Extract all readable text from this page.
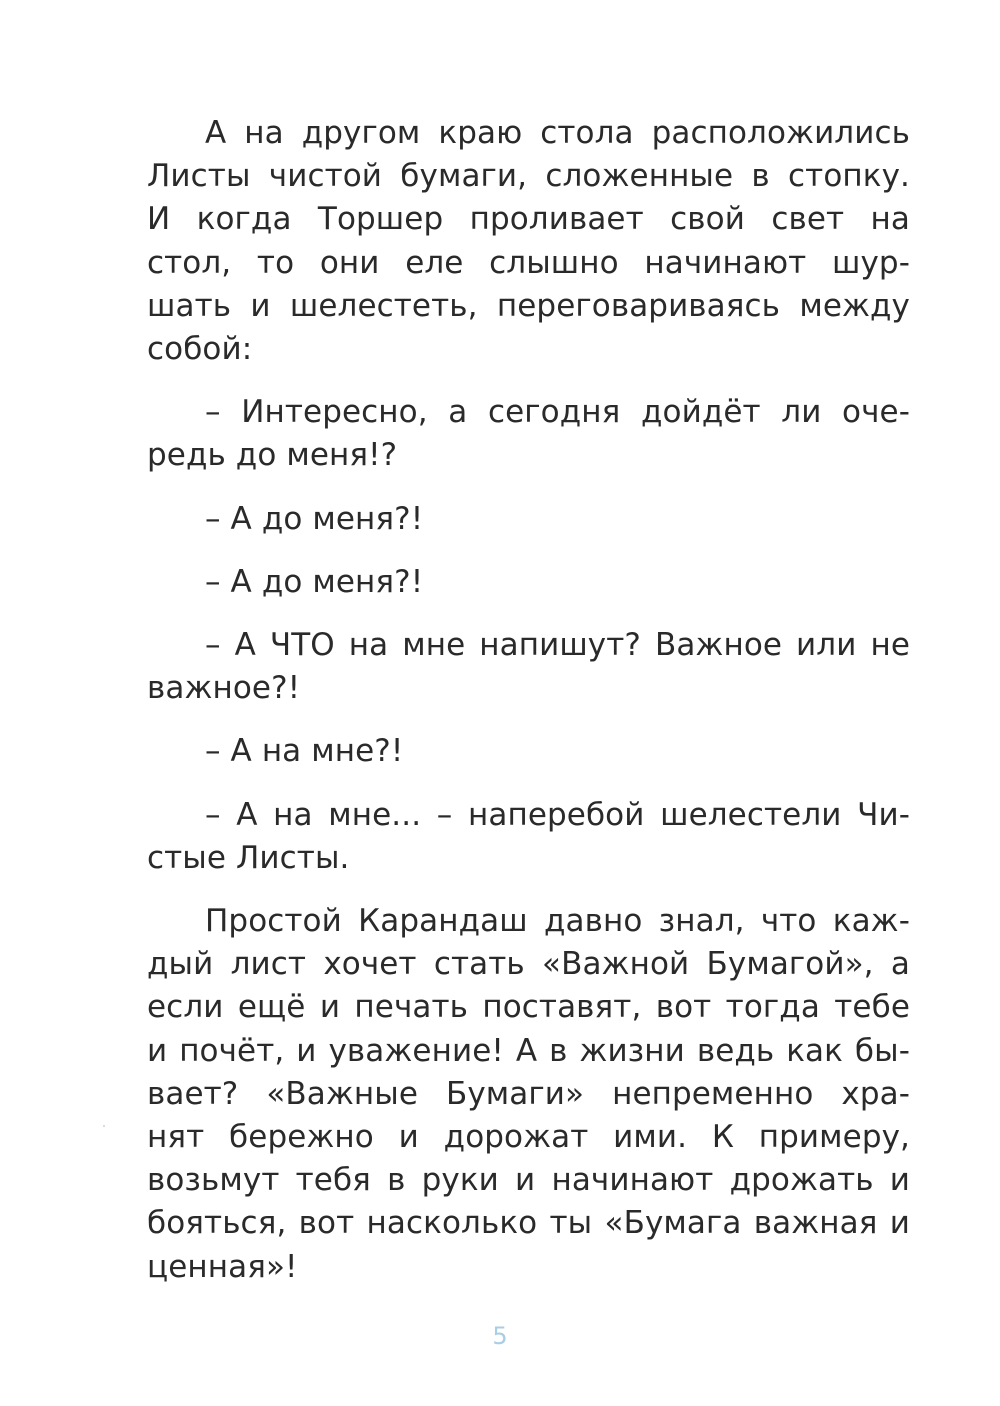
А на другом краю стола расположились
Листы чистой бумаги, сложенные в стопку.
И когда Торшер проливает свой свет на
стол, то они еле слышно начинают шур-
шать и шелестеть, переговариваясь между
собой:
– Интересно, а сегодня дойдёт ли оче-
редь до меня!?
– А до меня?!
– А до меня?!
– А ЧТО на мне напишут? Важное или не
важное?!
– А на мне?!
– А на мне... – наперебой шелестели Чи-
стые Листы.
Простой Карандаш давно знал, что каж-
дый лист хочет стать «Важной Бумагой», а
если ещё и печать поставят, вот тогда тебе
и почёт, и уважение! А в жизни ведь как бы-
вает? «Важные Бумаги» непременно хра-
нят бережно и дорожат ими. К примеру,
возьмут тебя в руки и начинают дрожать и
бояться, вот насколько ты «Бумага важная и
ценная»!
5
